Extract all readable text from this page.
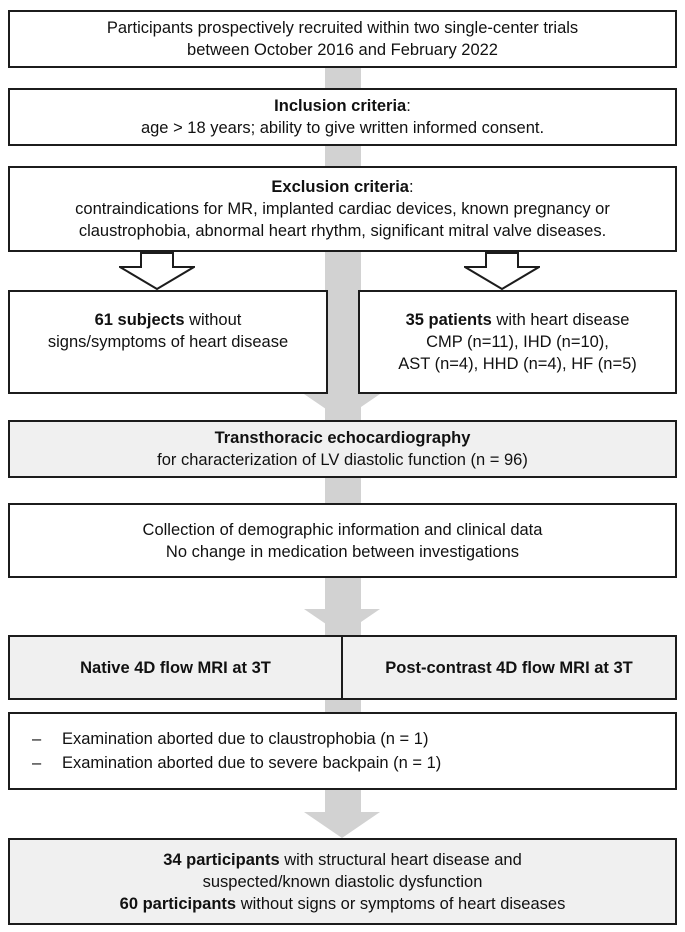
Participants prospectively recruited within two single-center trials
between October 2016 and February 2022
Inclusion criteria:
age > 18 years; ability to give written informed consent.
Exclusion criteria:
contraindications for MR, implanted cardiac devices, known pregnancy or
claustrophobia, abnormal heart rhythm, significant mitral valve diseases.
61 subjects without
signs/symptoms of heart disease
35 patients with heart disease
CMP (n=11), IHD (n=10),
AST (n=4), HHD (n=4), HF (n=5)
Transthoracic echocardiography
for characterization of LV diastolic function (n = 96)
Collection of demographic information and clinical data
No change in medication between investigations
Native 4D flow MRI at 3T	Post-contrast 4D flow MRI at 3T
–	Examination aborted due to claustrophobia (n = 1)
–	Examination aborted due to severe backpain (n = 1)
34 participants with structural heart disease and
suspected/known diastolic dysfunction
60 participants without signs or symptoms of heart diseases
